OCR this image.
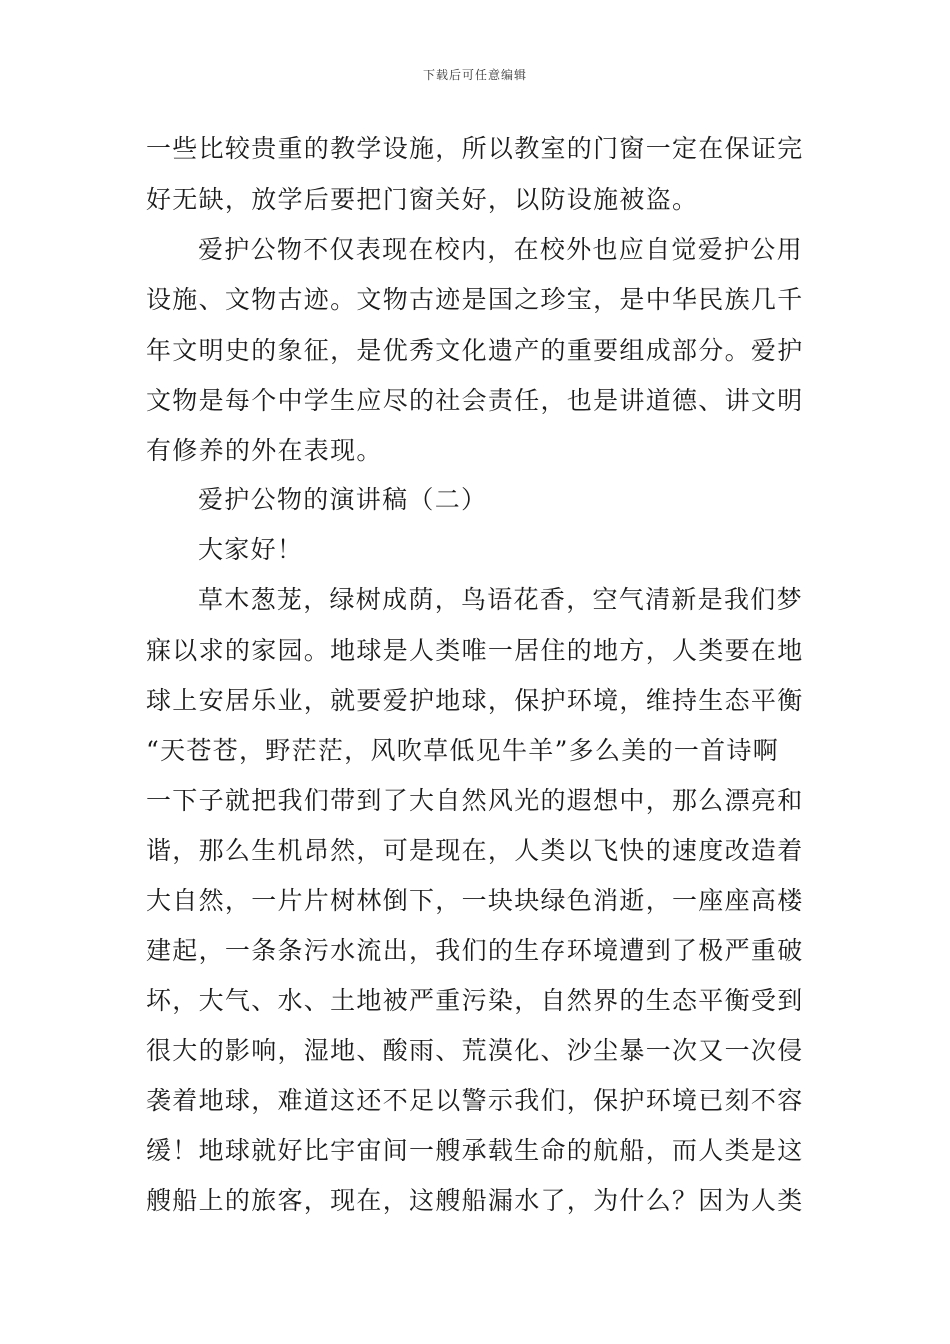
下载后可任意编辑
一些比较贵重的教学设施，所以教室的门窗一定在保证完
好无缺，放学后要把门窗关好，以防设施被盗。
爱护公物不仅表现在校内，在校外也应自觉爱护公用
设施、文物古迹。文物古迹是国之珍宝，是中华民族几千
年文明史的象征，是优秀文化遗产的重要组成部分。爱护
文物是每个中学生应尽的社会责任，也是讲道德、讲文明
有修养的外在表现。
爱护公物的演讲稿（二）
大家好！
草木葱茏，绿树成荫，鸟语花香，空气清新是我们梦
寐以求的家园。地球是人类唯一居住的地方，人类要在地
球上安居乐业，就要爱护地球，保护环境，维持生态平衡
“天苍苍，野茫茫，风吹草低见牛羊”多么美的一首诗啊
一下子就把我们带到了大自然风光的遐想中，那么漂亮和
谐，那么生机昂然，可是现在，人类以飞快的速度改造着
大自然，一片片树林倒下，一块块绿色消逝，一座座高楼
建起，一条条污水流出，我们的生存环境遭到了极严重破
坏，大气、水、土地被严重污染，自然界的生态平衡受到
很大的影响，湿地、酸雨、荒漠化、沙尘暴一次又一次侵
袭着地球，难道这还不足以警示我们，保护环境已刻不容
缓！地球就好比宇宙间一艘承载生命的航船，而人类是这
艘船上的旅客，现在，这艘船漏水了，为什么？因为人类
